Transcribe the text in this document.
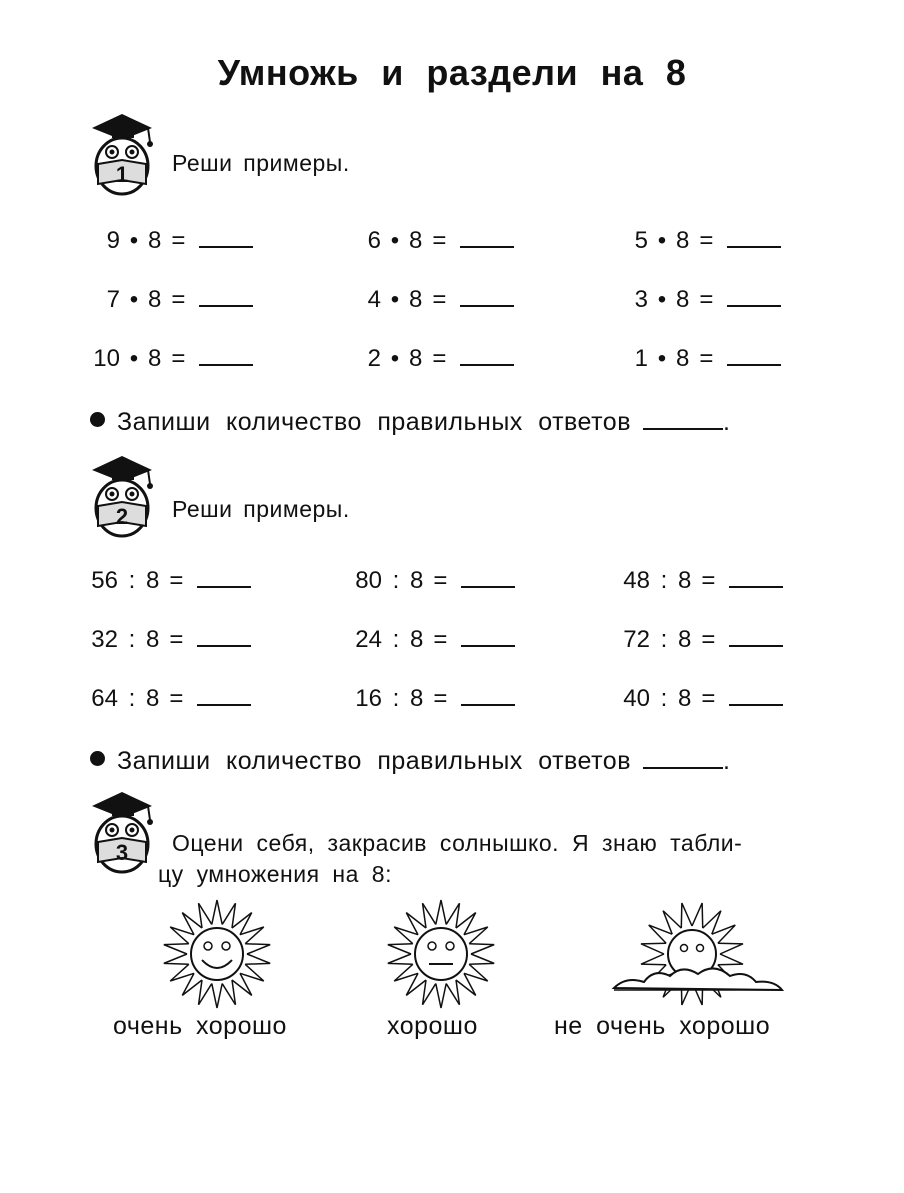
Умножь и раздели на 8
1 Реши примеры.
9 • 8 =	6 • 8 =	5 • 8 =
7 • 8 =	4 • 8 =	3 • 8 =
10 • 8 =	2 • 8 =	1 • 8 =
Запиши количество правильных ответов	.
2 Реши примеры.
56 : 8 =	80 : 8 =	48 : 8 =
32 : 8 =	24 : 8 =	72 : 8 =
64 : 8 =	16 : 8 =	40 : 8 =
Запиши количество правильных ответов	.
3 Оцени себя, закрасив солнышко. Я знаю табли-
цу умножения на 8:
очень хорошо	хорошо	не очень хорошо
